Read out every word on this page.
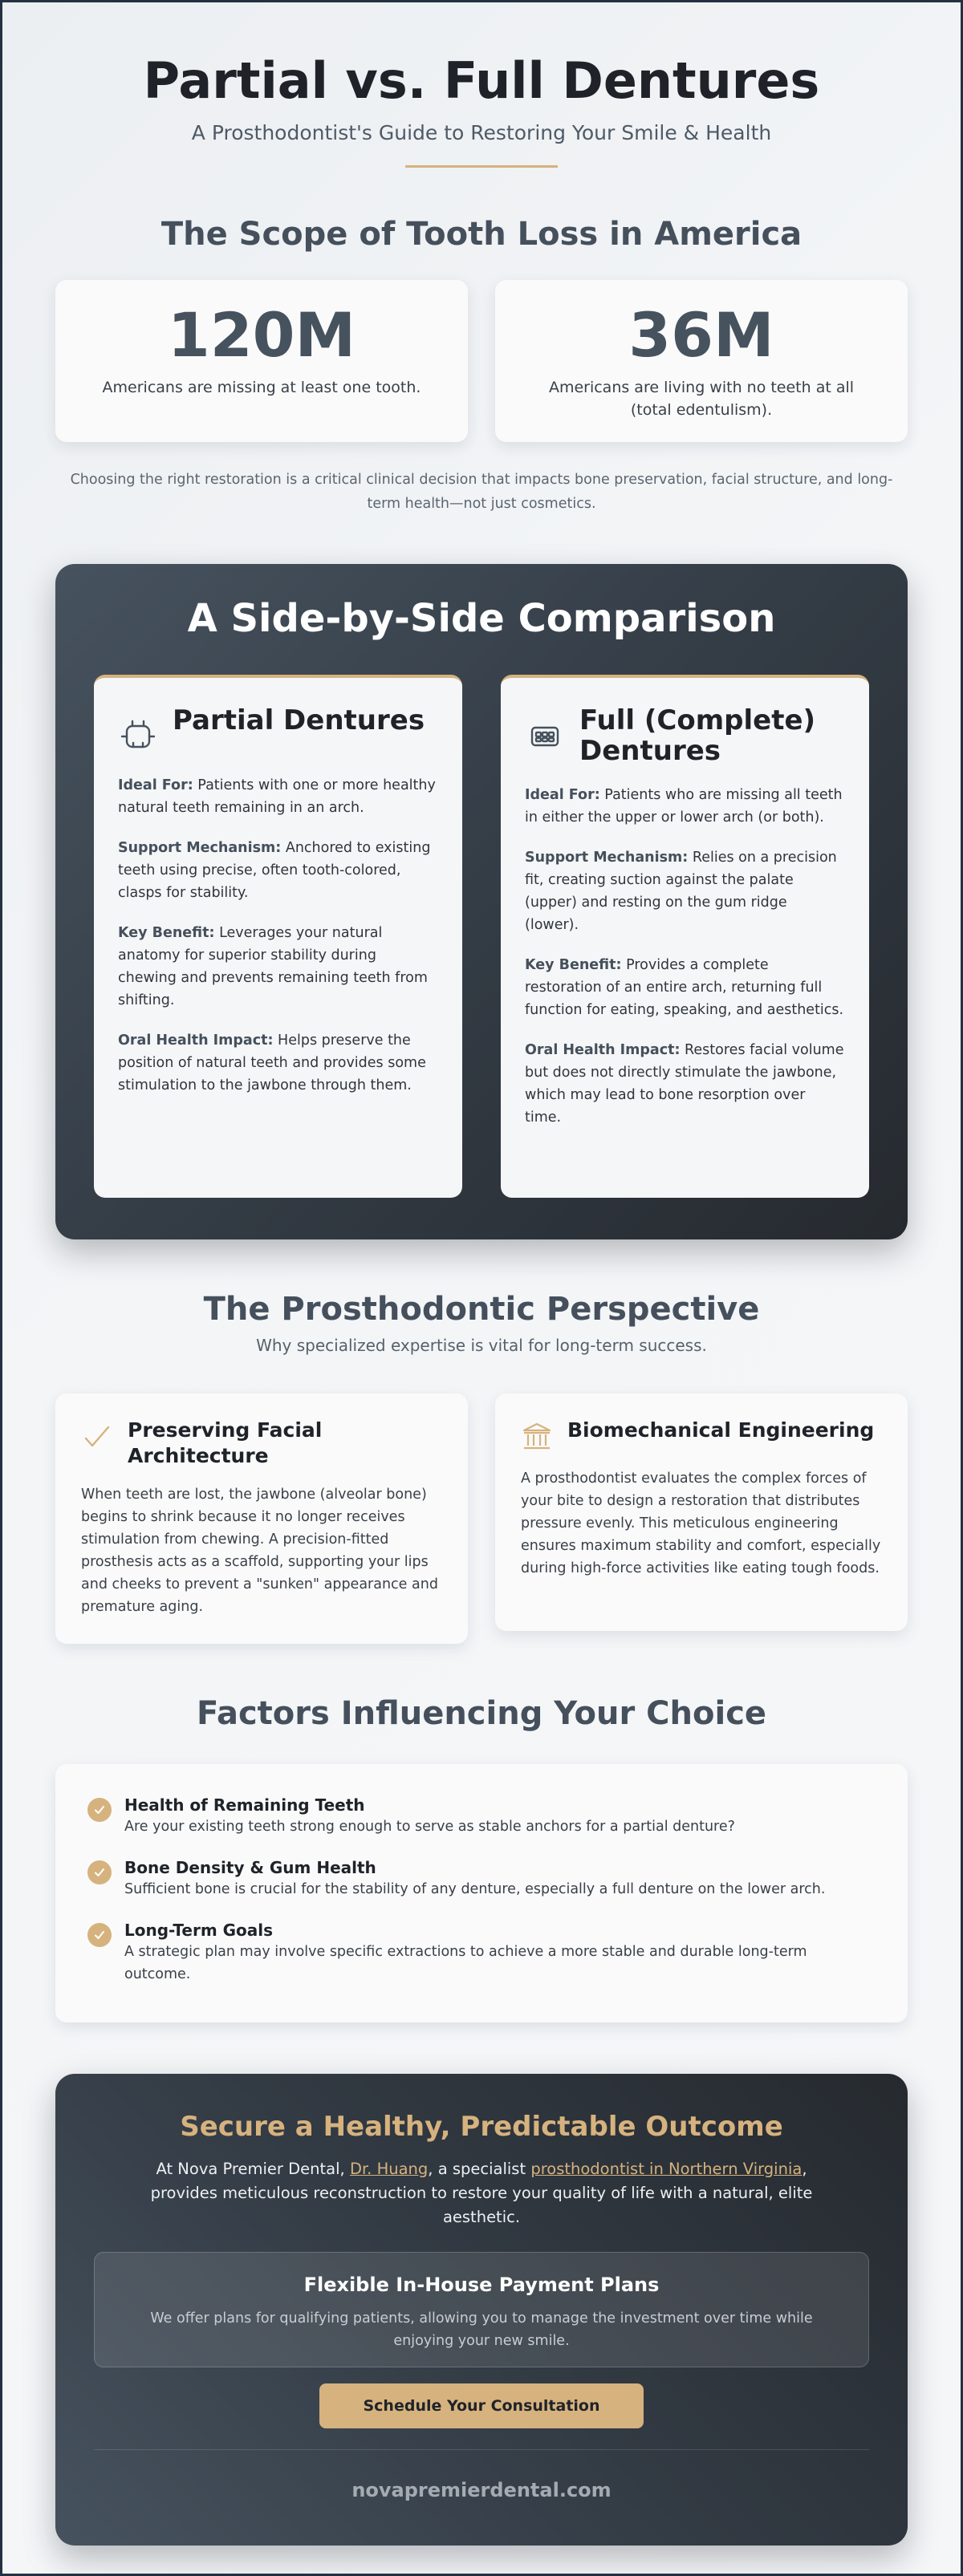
Partial vs. Full Dentures

A Prosthodontist's Guide to Restoring Your Smile & Health

The Scope of Tooth Loss in America
120M
Americans are missing at least one tooth.
36M
Americans are living with no teeth at all (total edentulism).

Choosing the right restoration is a critical clinical decision that impacts bone preservation, facial structure, and long-term health—not just cosmetics.

A Side-by-Side Comparison
Partial Dentures

Ideal For: Patients with one or more healthy natural teeth remaining in an arch.

Support Mechanism: Anchored to existing teeth using precise, often tooth-colored, clasps for stability.

Key Benefit: Leverages your natural anatomy for superior stability during chewing and prevents remaining teeth from shifting.

Oral Health Impact: Helps preserve the position of natural teeth and provides some stimulation to the jawbone through them.

Full (Complete) Dentures

Ideal For: Patients who are missing all teeth in either the upper or lower arch (or both).

Support Mechanism: Relies on a precision fit, creating suction against the palate (upper) and resting on the gum ridge (lower).

Key Benefit: Provides a complete restoration of an entire arch, returning full function for eating, speaking, and aesthetics.

Oral Health Impact: Restores facial volume but does not directly stimulate the jawbone, which may lead to bone resorption over time.

The Prosthodontic Perspective

Why specialized expertise is vital for long-term success.

Preserving Facial Architecture

When teeth are lost, the jawbone (alveolar bone) begins to shrink because it no longer receives stimulation from chewing. A precision-fitted prosthesis acts as a scaffold, supporting your lips and cheeks to prevent a "sunken" appearance and premature aging.

Biomechanical Engineering

A prosthodontist evaluates the complex forces of your bite to design a restoration that distributes pressure evenly. This meticulous engineering ensures maximum stability and comfort, especially during high-force activities like eating tough foods.

Factors Influencing Your Choice
Health of Remaining Teeth
Are your existing teeth strong enough to serve as stable anchors for a partial denture?
Bone Density & Gum Health
Sufficient bone is crucial for the stability of any denture, especially a full denture on the lower arch.
Long-Term Goals
A strategic plan may involve specific extractions to achieve a more stable and durable long-term outcome.
Secure a Healthy, Predictable Outcome

At Nova Premier Dental, Dr. Huang, a specialist prosthodontist in Northern Virginia, provides meticulous reconstruction to restore your quality of life with a natural, elite aesthetic.

Flexible In-House Payment Plans

We offer plans for qualifying patients, allowing you to manage the investment over time while enjoying your new smile.

Schedule Your Consultation
novapremierdental.com
